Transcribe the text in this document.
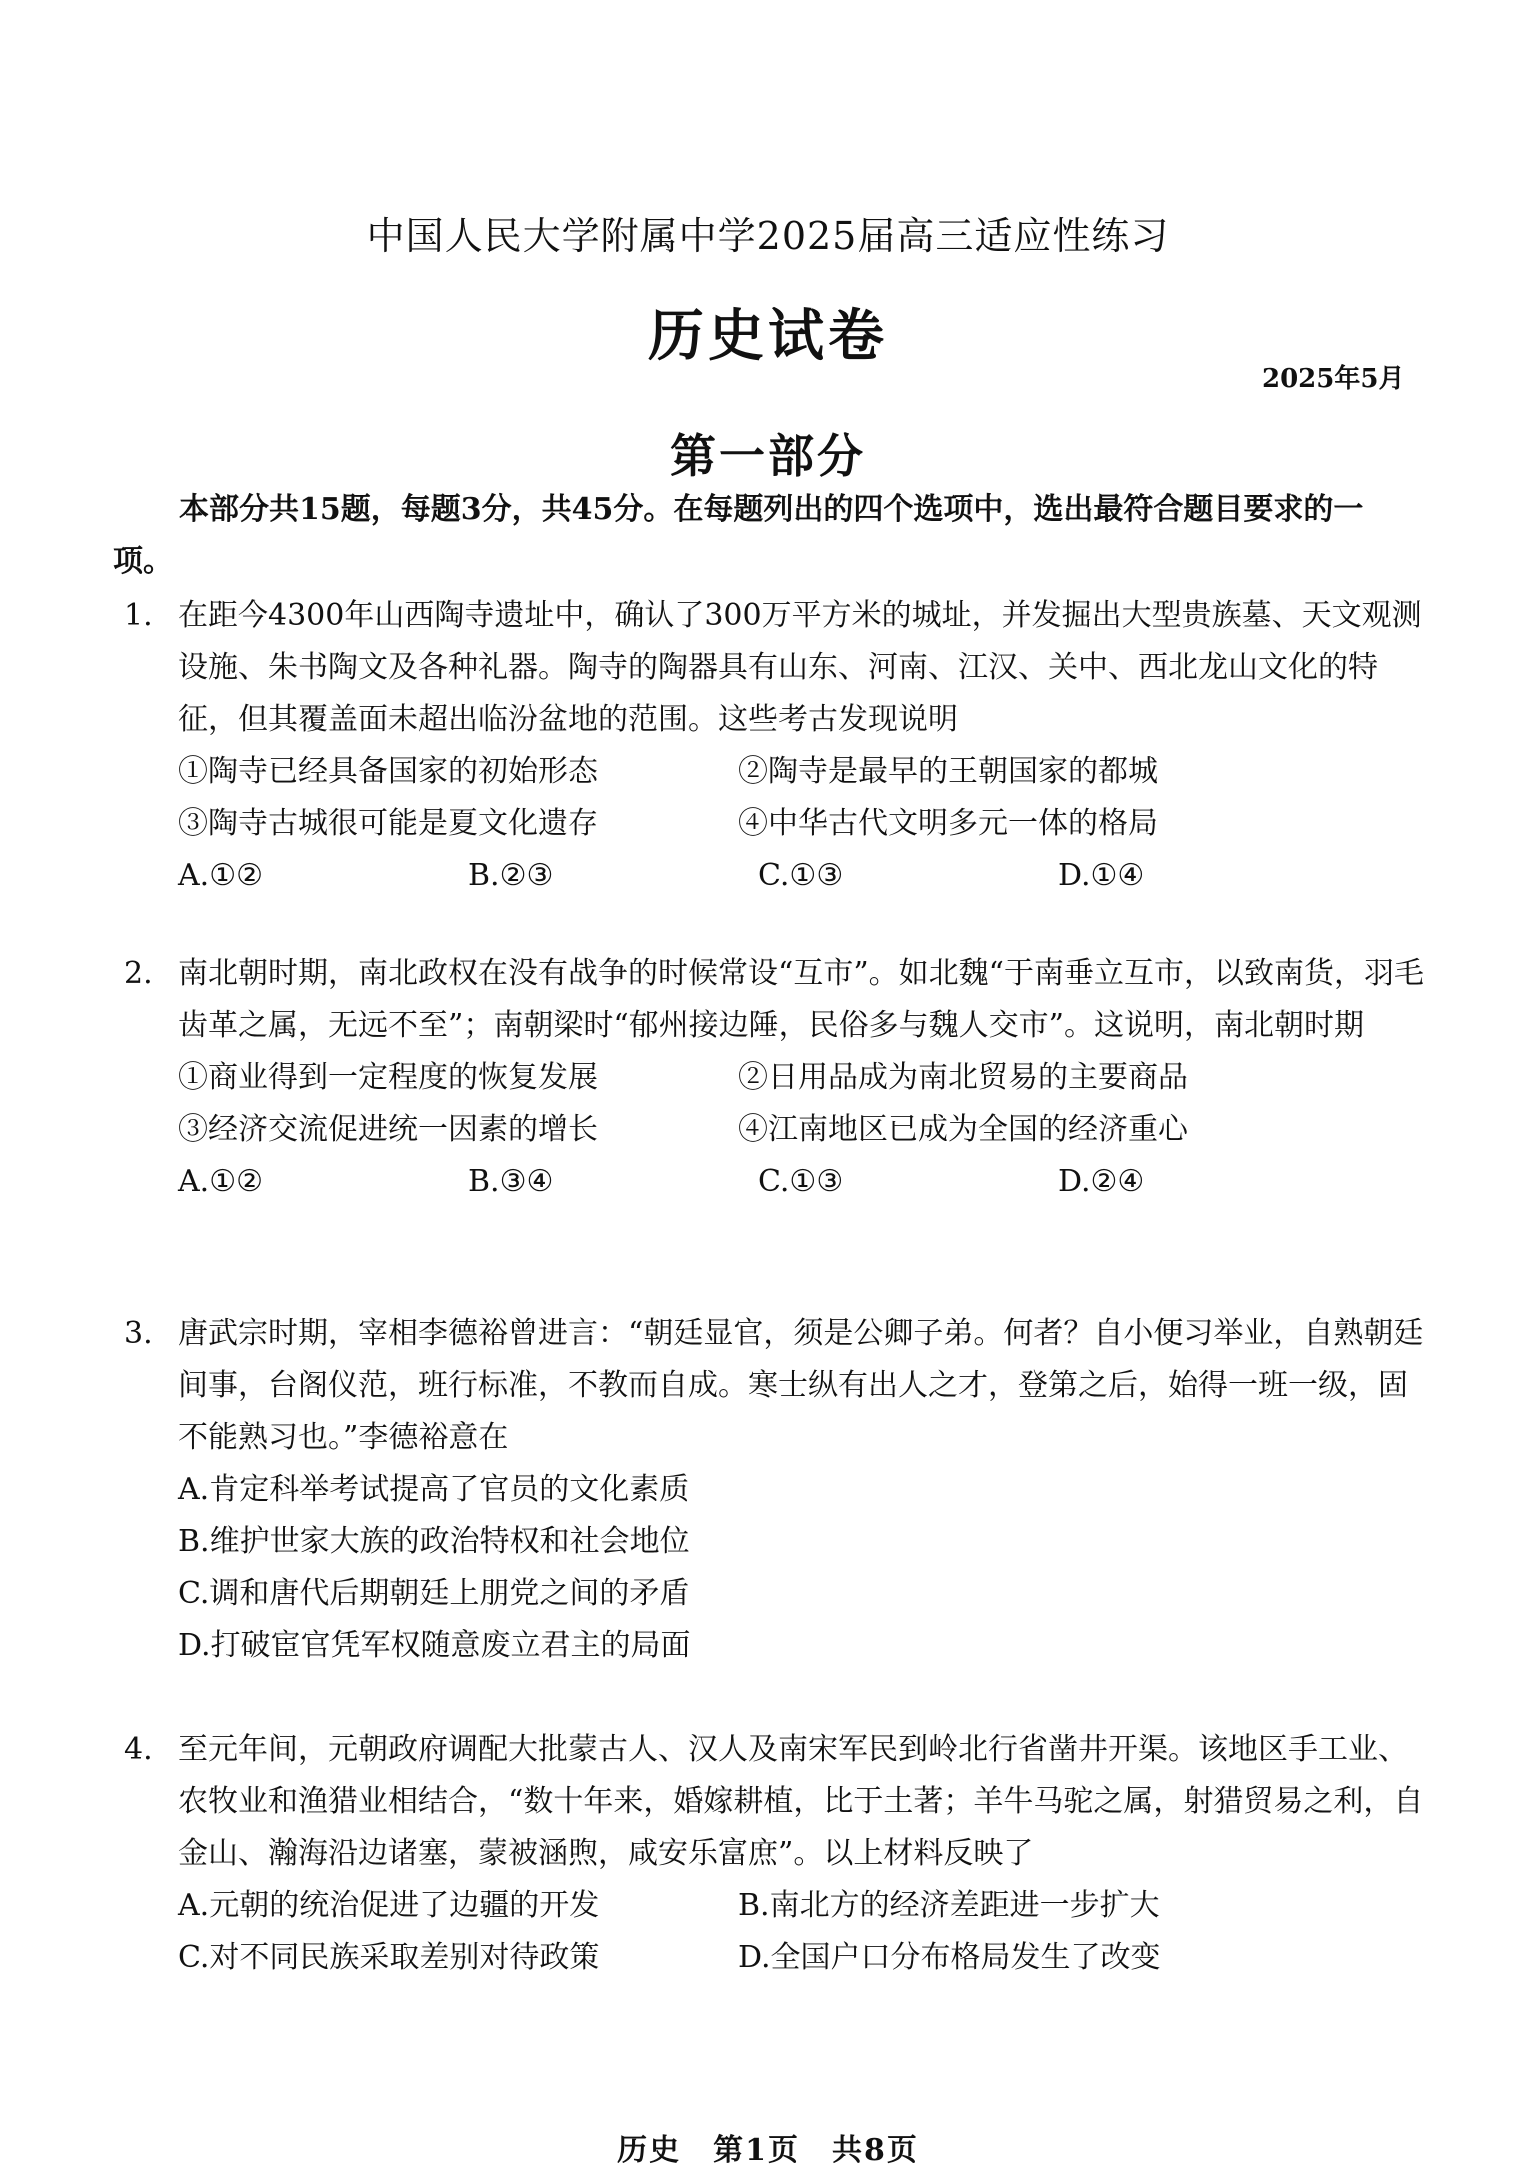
中国人民大学附属中学2025届高三适应性练习
历史试卷
2025年5月
第一部分
本部分共15题，每题3分，共45分。在每题列出的四个选项中，选出最符合题目要求的一项。
1. 在距今4300年山西陶寺遗址中，确认了300万平方米的城址，并发掘出大型贵族墓、天文观测设施、朱书陶文及各种礼器。陶寺的陶器具有山东、河南、江汉、关中、西北龙山文化的特征，但其覆盖面未超出临汾盆地的范围。这些考古发现说明
①陶寺已经具备国家的初始形态	②陶寺是最早的王朝国家的都城
③陶寺古城很可能是夏文化遗存	④中华古代文明多元一体的格局
A.①②	B.②③	C.①③	D.①④
2. 南北朝时期，南北政权在没有战争的时候常设“互市”。如北魏“于南垂立互市，以致南货，羽毛齿革之属，无远不至”；南朝梁时“郁州接边陲，民俗多与魏人交市”。这说明，南北朝时期
①商业得到一定程度的恢复发展	②日用品成为南北贸易的主要商品
③经济交流促进统一因素的增长	④江南地区已成为全国的经济重心
A.①②	B.③④	C.①③	D.②④
3. 唐武宗时期，宰相李德裕曾进言：“朝廷显官，须是公卿子弟。何者？自小便习举业，自熟朝廷间事，台阁仪范，班行标准，不教而自成。寒士纵有出人之才，登第之后，始得一班一级，固不能熟习也。”李德裕意在
A.肯定科举考试提高了官员的文化素质
B.维护世家大族的政治特权和社会地位
C.调和唐代后期朝廷上朋党之间的矛盾
D.打破宦官凭军权随意废立君主的局面
4. 至元年间，元朝政府调配大批蒙古人、汉人及南宋军民到岭北行省凿井开渠。该地区手工业、农牧业和渔猎业相结合，“数十年来，婚嫁耕植，比于土著；羊牛马驼之属，射猎贸易之利，自金山、瀚海沿边诸塞，蒙被涵煦，咸安乐富庶”。以上材料反映了
A.元朝的统治促进了边疆的开发	B.南北方的经济差距进一步扩大
C.对不同民族采取差别对待政策	D.全国户口分布格局发生了改变
历史　第1页　共8页
